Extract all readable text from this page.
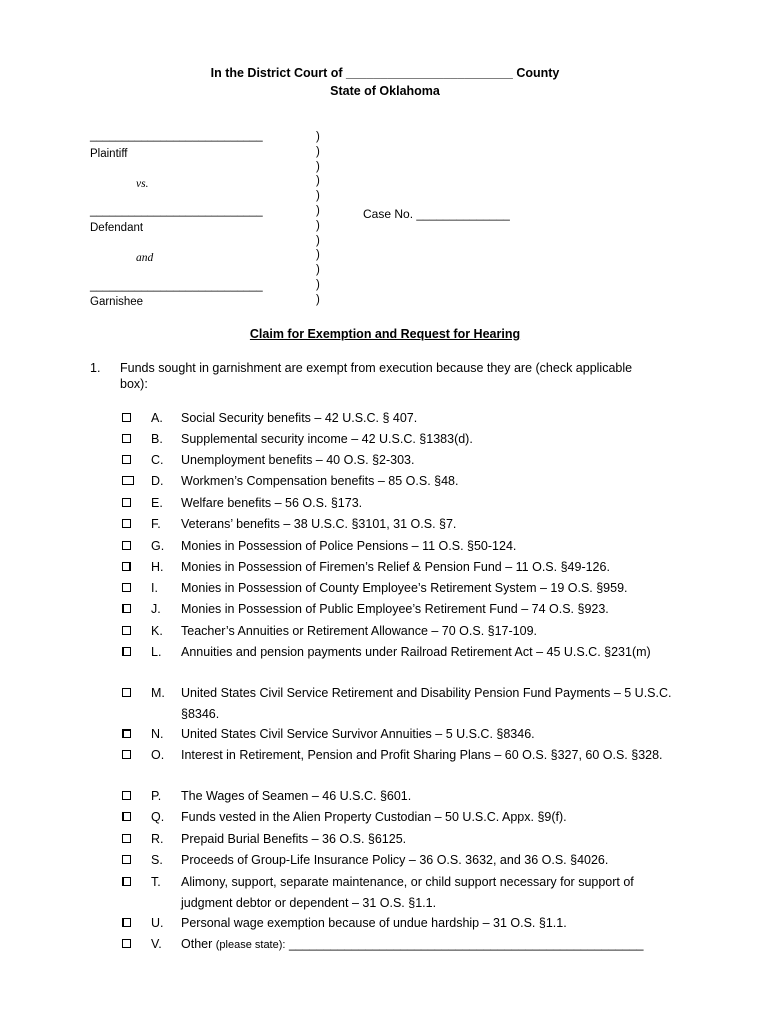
In the District Court of ________________________ County
State of Oklahoma
___________________________
Plaintiff
vs.
___________________________
Defendant
and
___________________________
Garnishee
)
)
)
)
)
)
)
)
)
)
)
)
Case No. ______________
Claim for Exemption and Request for Hearing
1. Funds sought in garnishment are exempt from execution because they are (check applicable box):
A. Social Security benefits – 42 U.S.C. § 407.
B. Supplemental security income – 42 U.S.C. §1383(d).
C. Unemployment benefits – 40 O.S. §2-303.
D. Workmen’s Compensation benefits – 85 O.S. §48.
E. Welfare benefits – 56 O.S. §173.
F. Veterans’ benefits – 38 U.S.C. §3101, 31 O.S. §7.
G. Monies in Possession of Police Pensions – 11 O.S. §50-124.
H. Monies in Possession of Firemen’s Relief & Pension Fund – 11 O.S. §49-126.
I. Monies in Possession of County Employee’s Retirement System – 19 O.S. §959.
J. Monies in Possession of Public Employee’s Retirement Fund – 74 O.S. §923.
K. Teacher’s Annuities or Retirement Allowance – 70 O.S. §17-109.
L. Annuities and pension payments under Railroad Retirement Act – 45 U.S.C. §231(m)
M. United States Civil Service Retirement and Disability Pension Fund Payments – 5 U.S.C. §8346.
N. United States Civil Service Survivor Annuities – 5 U.S.C. §8346.
O. Interest in Retirement, Pension and Profit Sharing Plans – 60 O.S. §327, 60 O.S. §328.
P. The Wages of Seamen – 46 U.S.C. §601.
Q. Funds vested in the Alien Property Custodian – 50 U.S.C. Appx. §9(f).
R. Prepaid Burial Benefits – 36 O.S. §6125.
S. Proceeds of Group-Life Insurance Policy – 36 O.S. 3632, and 36 O.S. §4026.
T. Alimony, support, separate maintenance, or child support necessary for support of judgment debtor or dependent – 31 O.S. §1.1.
U. Personal wage exemption because of undue hardship – 31 O.S. §1.1.
V. Other (please state): ___________________________________________________
